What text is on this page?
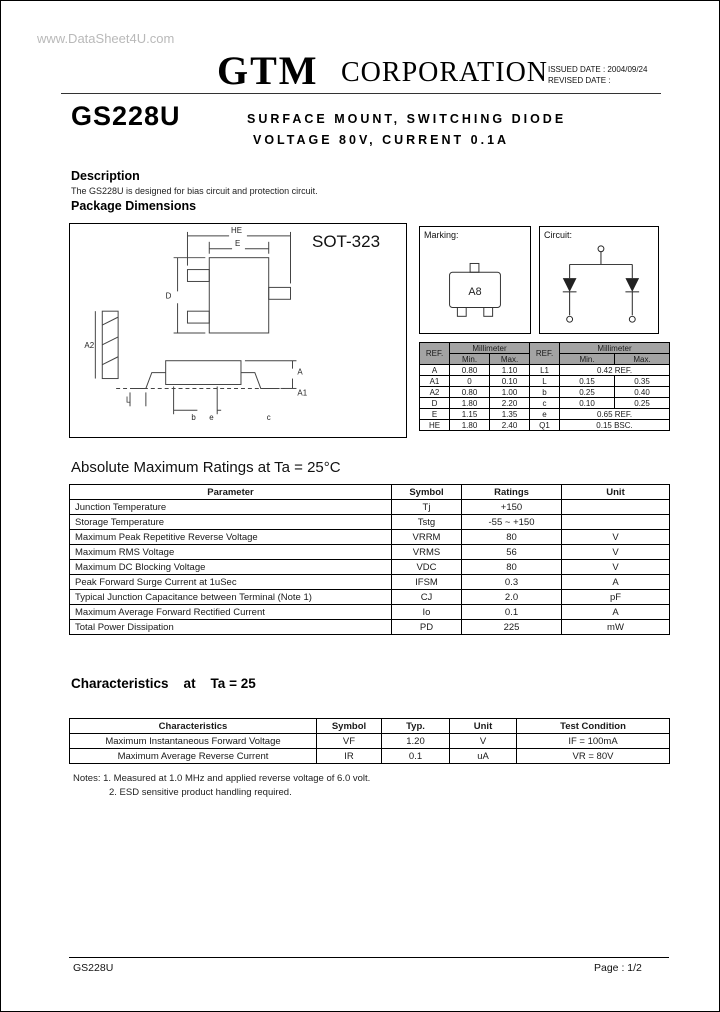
www.DataSheet4U.com
GTM CORPORATION ISSUED DATE : 2004/09/24
REVISED DATE :
GS228U	SURFACE MOUNT, SWITCHING DIODE
VOLTAGE 80V, CURRENT 0.1A
Description
The GS228U is designed for bias circuit and protection circuit.
Package Dimensions
SOT-323
HE
E
D
A2
A
A1
b e
L
c
Marking:
A8
Circuit:
REF.	Millimeter		REF.	Millimeter	
	Min.	Max.		Min.	Max.
A	0.80	1.10	L1	0.42 REF.	
A1	0	0.10	L	0.15	0.35
A2	0.80	1.00	b	0.25	0.40
D	1.80	2.20	c	0.10	0.25
E	1.15	1.35	e	0.65 REF.	
HE	1.80	2.40	Q1	0.15 BSC.	
Absolute Maximum Ratings at Ta = 25°C
Parameter	Symbol	Ratings	Unit
Junction Temperature	Tj	+150	
Storage Temperature	Tstg	-55 ~ +150	
Maximum Peak Repetitive Reverse Voltage	VRRM	80	V
Maximum RMS Voltage	VRMS	56	V
Maximum DC Blocking Voltage	VDC	80	V
Peak Forward Surge Current at 1uSec	IFSM	0.3	A
Typical Junction Capacitance between Terminal (Note 1)	CJ	2.0	pF
Maximum Average Forward Rectified Current	Io	0.1	A
Total Power Dissipation	PD	225	mW
Characteristics    at    Ta = 25
Characteristics	Symbol	Typ.	Unit	Test Condition
Maximum Instantaneous Forward Voltage	VF	1.20	V	IF = 100mA
Maximum Average Reverse Current	IR	0.1	uA	VR = 80V
Notes: 1. Measured at 1.0 MHz and applied reverse voltage of 6.0 volt.
2. ESD sensitive product handling required.
GS228U	Page : 1/2
